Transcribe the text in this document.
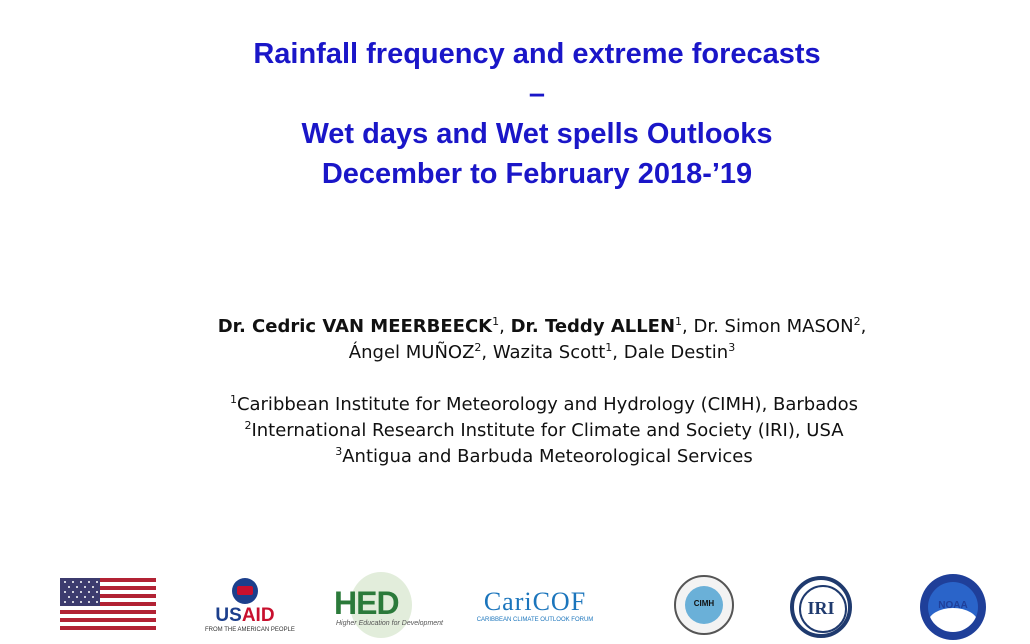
Rainfall frequency and extreme forecasts
–
Wet days and Wet spells Outlooks
December to February 2018-’19
Dr. Cedric VAN MEERBEECK$^1$, Dr. Teddy ALLEN$^1$, Dr. Simon MASON$^2$,
Ángel MUÑOZ$^2$, Wazita Scott$^1$, Dale Destin$^3$
$^1$Caribbean Institute for Meteorology and Hydrology (CIMH), Barbados
$^2$International Research Institute for Climate and Society (IRI), USA
$^3$Antigua and Barbuda Meteorological Services
USAID
FROM THE AMERICAN PEOPLE
HED
Higher Education for Development
CariCOF
CARIBBEAN CLIMATE OUTLOOK FORUM
CIMH	IRI	NOAA
